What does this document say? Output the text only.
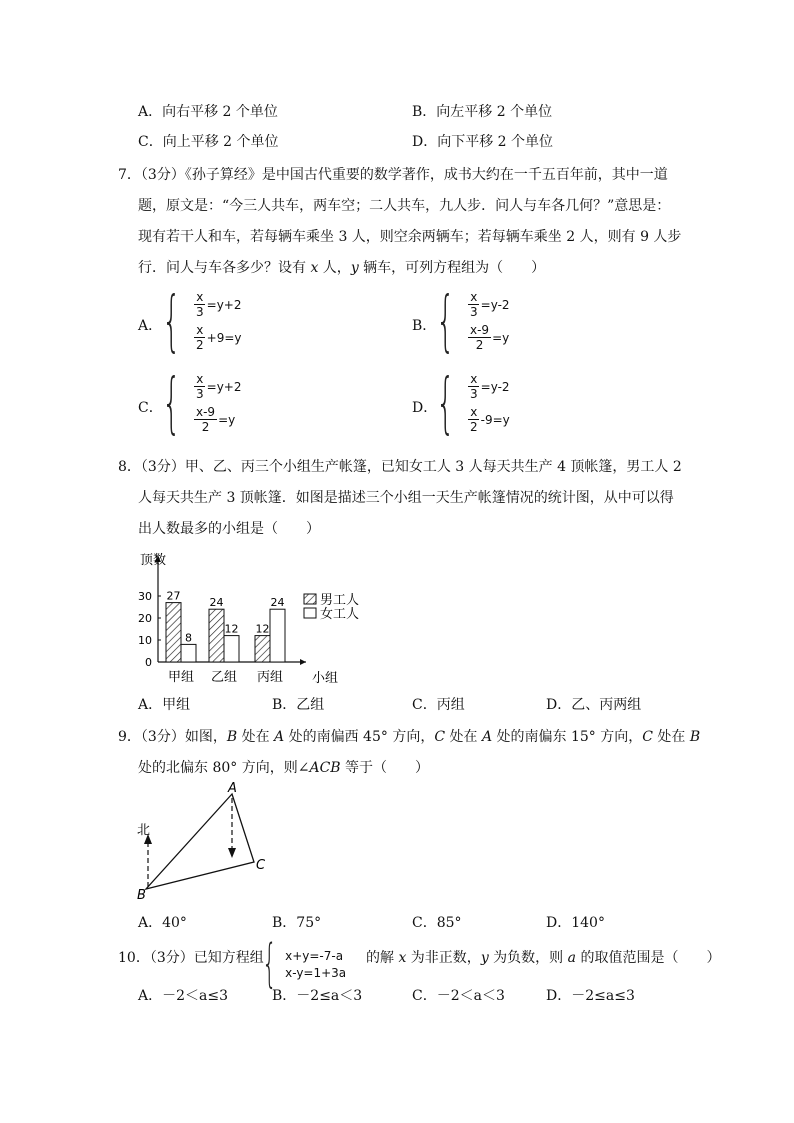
A．向右平移 2 个单位	B．向左平移 2 个单位
C．向上平移 2 个单位	D．向下平移 2 个单位
7．（3分）《孙子算经》是中国古代重要的数学著作，成书大约在一千五百年前，其中一道
题，原文是：“今三人共车，两车空；二人共车，九人步．问人与车各几何？”意思是：
现有若干人和车，若每辆车乘坐 3 人，则空余两辆车；若每辆车乘坐 2 人，则有 9 人步
行．问人与车各多少？设有 x 人，y 辆车，可列方程组为（　　）
A． { $\frac{x}{3} =y+2$
$\frac{x}{2} +9=y$
B． { $\frac{x}{3} =y-2$
$\frac{x-9}{2} =y$
C． { $\frac{x}{3} =y+2$
$\frac{x-9}{2} =y$
D．
{ $\frac{x}{3} =y-2$
$\frac{x}{2} -9=y$
8．（3分）甲、乙、丙三个小组生产帐篷，已知女工人 3 人每天共生产 4 顶帐篷，男工人 2
人每天共生产 3 顶帐篷．如图是描述三个小组一天生产帐篷情况的统计图，从中可以得
出人数最多的小组是（　　）
顶数
小组
0
10
20
30 27
8
甲组
24
12
乙组
12
24
丙组
男工人
女工人
A．甲组	B．乙组	C．丙组	D．乙、丙两组
9．（3分）如图，B 处在 A 处的南偏西 45° 方向，C 处在 A 处的南偏东 15° 方向，C 处在 B
处的北偏东 80° 方向，则∠ACB 等于（　　）
A
B
C
北
A．40°	B．75°	C．85°	D．140°
10．（3分）已知方程组
{ x+y=-7-a
x-y=1+3a
的解 x 为非正数，y 为负数，则 a 的取值范围是（　　）
A．－2＜a≤3	B．－2≤a＜3	C．－2＜a＜3	D．－2≤a≤3
